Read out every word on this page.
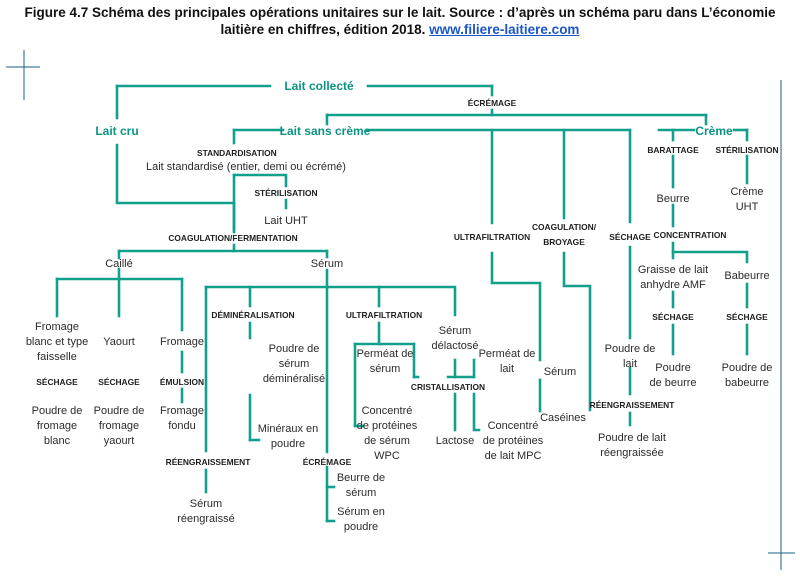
Figure 4.7 Schéma des principales opérations unitaires sur le lait. Source : d’après un schéma paru dans L’économie laitière en chiffres, édition 2018. www.filiere-laitiere.com
Lait collecté
ÉCRÉMAGE
Lait cru	Lait sans crème	Crème
STANDARDISATION
Lait standardisé (entier, demi ou écrémé)
STÉRILISATION
Lait UHT
BARATTAGE STÉRILISATION
Beurre
Crème
UHT
COAGULATION/FERMENTATION	ULTRAFILTRATION
COAGULATION/
BROYAGE	SÉCHAGE CONCENTRATION
Caillé	Sérum	Graisse de lait
anhydre AMF
Babeurre
DÉMINÉRALISATION	ULTRAFILTRATION
Sérum
délactosé
SÉCHAGE	SÉCHAGE
Fromage
blanc et type
faisselle
Yaourt Fromage
Poudre de
sérum
déminéralisé
Perméat de
sérum
Perméat de
lait	Sérum
Poudre de
lait Poudre
de beurre
Poudre de
babeurre
SÉCHAGE SÉCHAGE ÉMULSION	CRISTALLISATION
RÉENGRAISSEMENT
Poudre de
fromage
blanc
Poudre de
fromage
yaourt
Fromage
fondu	Minéraux en
poudre
Concentré
de protéines
de sérum
WPC
Lactose
Concentré
de protéines
de lait MPC
Caséines
Poudre de lait
réengraissée
RÉENGRAISSEMENT	ÉCRÉMAGE
Beurre de
sérum
Sérum
réengraissé
Sérum en
poudre
